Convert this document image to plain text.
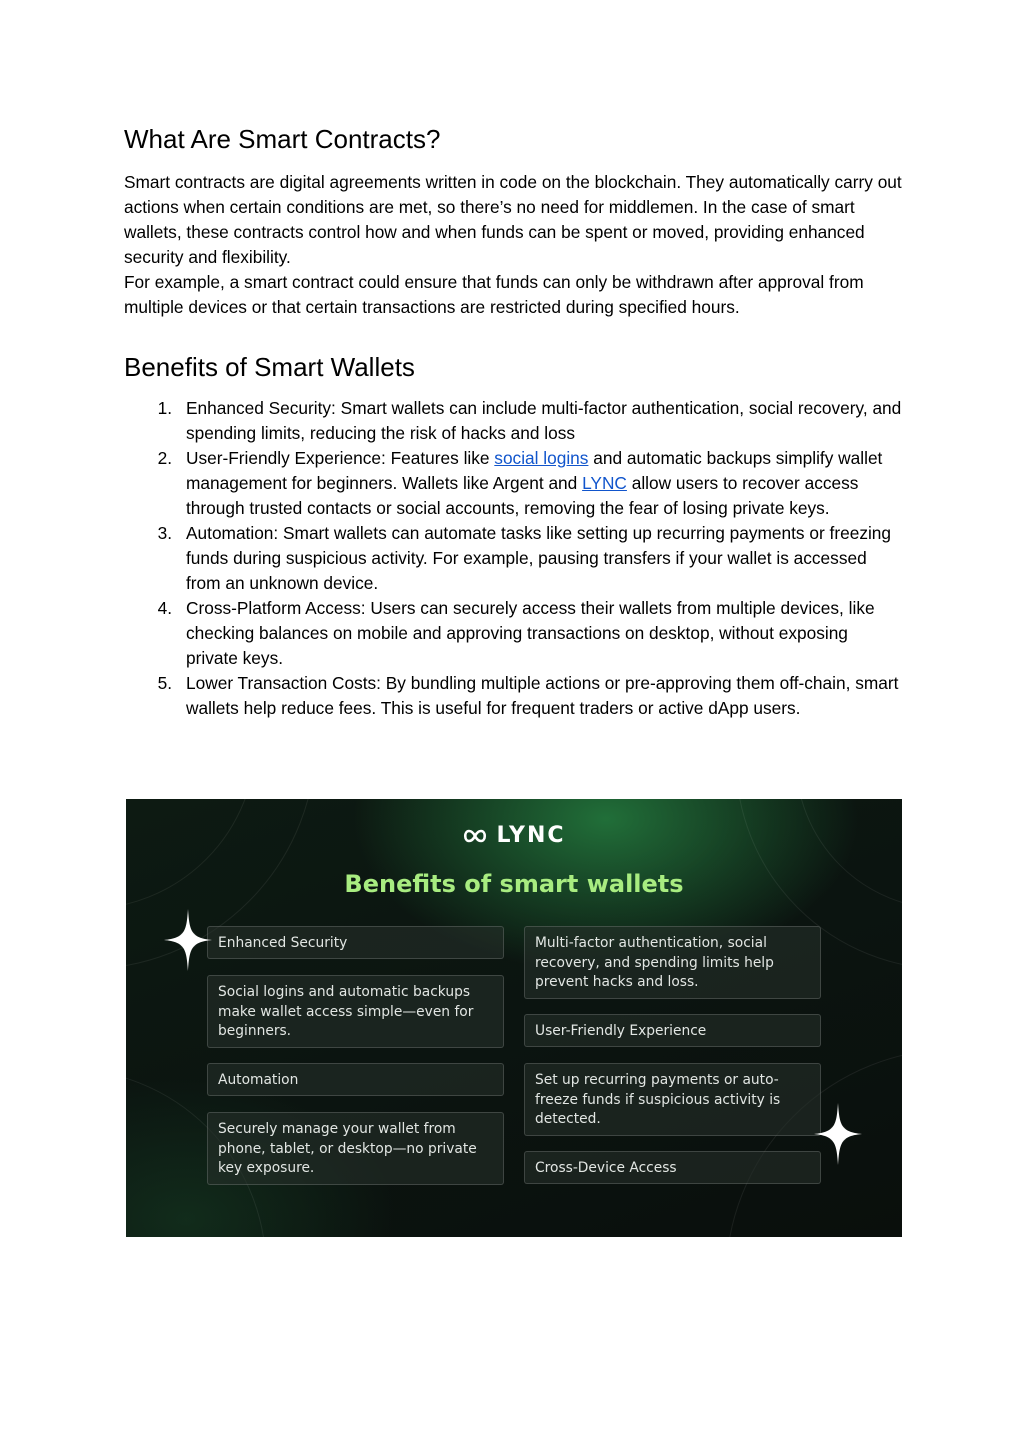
What Are Smart Contracts?

Smart contracts are digital agreements written in code on the blockchain. They automatically carry out actions when certain conditions are met, so there’s no need for middlemen. In the case of smart wallets, these contracts control how and when funds can be spent or moved, providing enhanced security and flexibility.

For example, a smart contract could ensure that funds can only be withdrawn after approval from multiple devices or that certain transactions are restricted during specified hours.

Benefits of Smart Wallets
1. Enhanced Security: Smart wallets can include multi-factor authentication, social recovery, and spending limits, reducing the risk of hacks and loss
2. User-Friendly Experience: Features like social logins and automatic backups simplify wallet management for beginners. Wallets like Argent and LYNC allow users to recover access through trusted contacts or social accounts, removing the fear of losing private keys.
3. Automation: Smart wallets can automate tasks like setting up recurring payments or freezing funds during suspicious activity. For example, pausing transfers if your wallet is accessed from an unknown device.
4. Cross-Platform Access: Users can securely access their wallets from multiple devices, like checking balances on mobile and approving transactions on desktop, without exposing private keys.
5. Lower Transaction Costs: By bundling multiple actions or pre-approving them off-chain, smart wallets help reduce fees. This is useful for frequent traders or active dApp users.
LYNC
Benefits of smart wallets
Enhanced Security
Social logins and automatic backups make wallet access simple—even for beginners.
Automation
Securely manage your wallet from phone, tablet, or desktop—no private key exposure.
Multi-factor authentication, social recovery, and spending limits help prevent hacks and loss.
User-Friendly Experience
Set up recurring payments or auto-freeze funds if suspicious activity is detected.
Cross-Device Access
